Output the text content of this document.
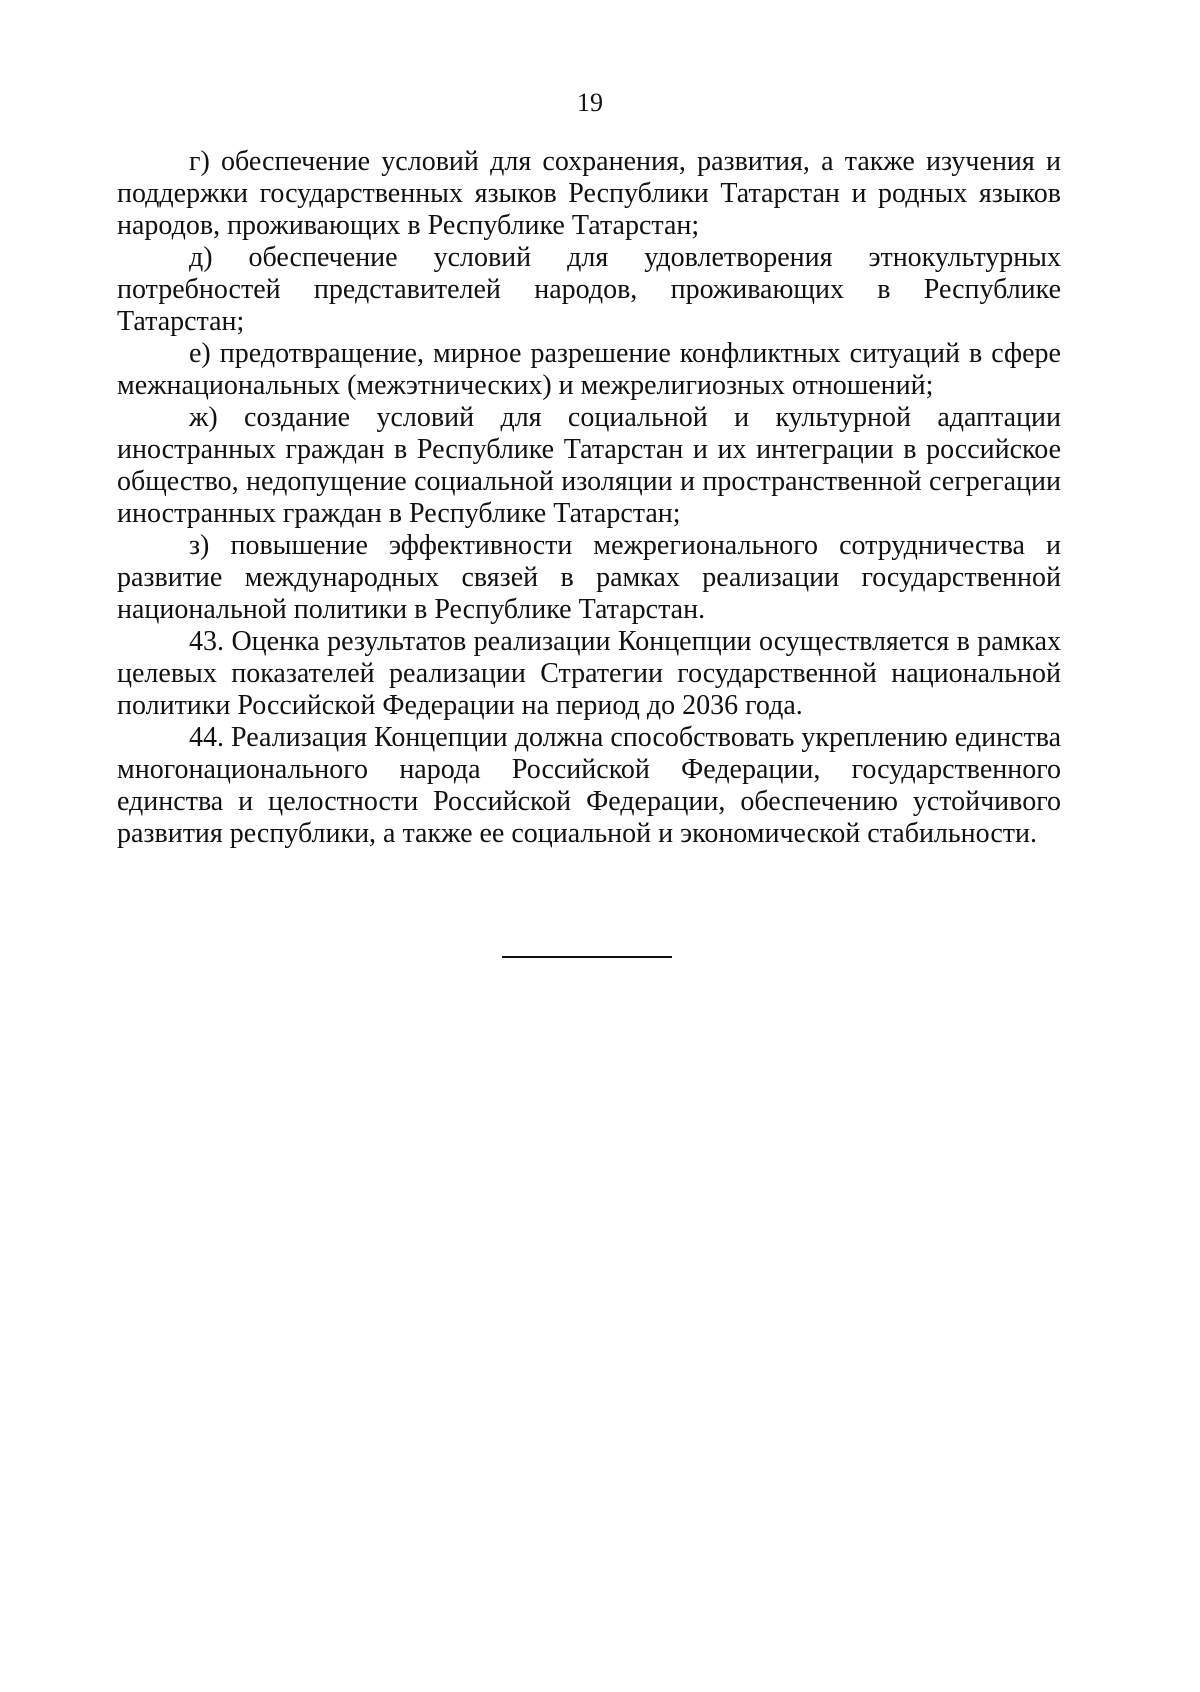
19

г) обеспечение условий для сохранения, развития, а также изучения и поддержки государственных языков Республики Татарстан и родных языков народов, проживающих в Республике Татарстан;

д) обеспечение условий для удовлетворения этнокультурных потребностей представителей народов, проживающих в Республике Татарстан;

е) предотвращение, мирное разрешение конфликтных ситуаций в сфере межнациональных (межэтнических) и межрелигиозных отношений;

ж) создание условий для социальной и культурной адаптации иностранных граждан в Республике Татарстан и их интеграции в российское общество, недопущение социальной изоляции и пространственной сегрегации иностранных граждан в Республике Татарстан;

з) повышение эффективности межрегионального сотрудничества и развитие международных связей в рамках реализации государственной национальной политики в Республике Татарстан.

43. Оценка результатов реализации Концепции осуществляется в рамках целевых показателей реализации Стратегии государственной национальной политики Российской Федерации на период до 2036 года.

44. Реализация Концепции должна способствовать укреплению единства многонационального народа Российской Федерации, государственного единства и целостности Российской Федерации, обеспечению устойчивого развития республики, а также ее социальной и экономической стабильности.
